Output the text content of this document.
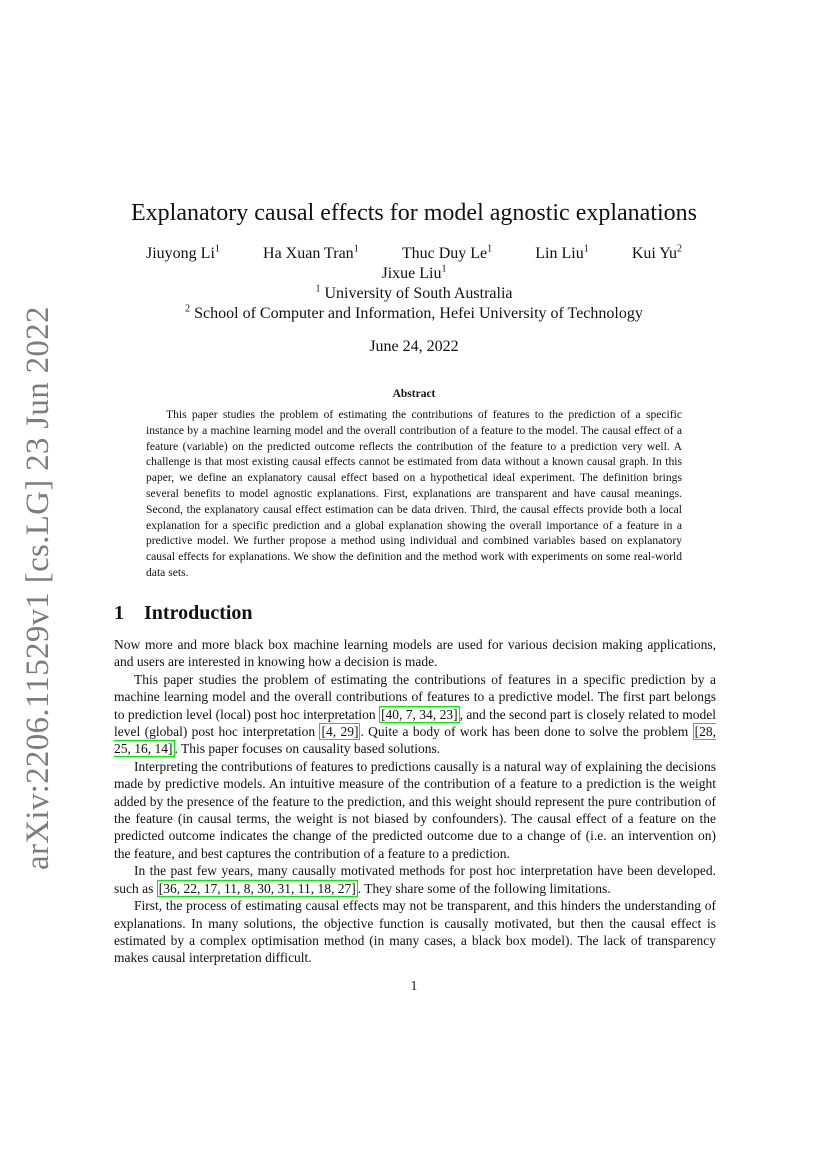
arXiv:2206.11529v1 [cs.LG] 23 Jun 2022
Explanatory causal effects for model agnostic explanations
Jiuyong Li$^1$	Ha Xuan Tran$^1$	Thuc Duy Le$^1$	Lin Liu$^1$	Kui Yu$^2$
Jixue Liu$^1$
$^1$ University of South Australia
$^2$ School of Computer and Information, Hefei University of Technology
June 24, 2022
Abstract
This paper studies the problem of estimating the contributions of features to the prediction of a specific instance by a machine learning model and the overall contribution of a feature to the model. The causal effect of a feature (variable) on the predicted outcome reflects the contribution of the feature to a prediction very well. A challenge is that most existing causal effects cannot be estimated from data without a known causal graph. In this paper, we define an explanatory causal effect based on a hypothetical ideal experiment. The definition brings several benefits to model agnostic explanations. First, explanations are transparent and have causal meanings. Second, the explanatory causal effect estimation can be data driven. Third, the causal effects provide both a local explanation for a specific prediction and a global explanation showing the overall importance of a feature in a predictive model. We further propose a method using individual and combined variables based on explanatory causal effects for explanations. We show the definition and the method work with experiments on some real-world data sets.
1 Introduction

Now more and more black box machine learning models are used for various decision making applications, and users are interested in knowing how a decision is made.

This paper studies the problem of estimating the contributions of features in a specific prediction by a machine learning model and the overall contributions of features to a predictive model. The first part belongs to prediction level (local) post hoc interpretation [40, 7, 34, 23] , and the second part is closely related to model level (global) post hoc interpretation [4, 29] . Quite a body of work has been done to solve the problem [28, 25, 16, 14] . This paper focuses on causality based solutions.

Interpreting the contributions of features to predictions causally is a natural way of explaining the decisions made by predictive models. An intuitive measure of the contribution of a feature to a prediction is the weight added by the presence of the feature to the prediction, and this weight should represent the pure contribution of the feature (in causal terms, the weight is not biased by confounders). The causal effect of a feature on the predicted outcome indicates the change of the predicted outcome due to a change of (i.e. an intervention on) the feature, and best captures the contribution of a feature to a prediction.

In the past few years, many causally motivated methods for post hoc interpretation have been developed. such as [36, 22, 17, 11, 8, 30, 31, 11, 18, 27] . They share some of the following limitations.

First, the process of estimating causal effects may not be transparent, and this hinders the understanding of explanations. In many solutions, the objective function is causally motivated, but then the causal effect is estimated by a complex optimisation method (in many cases, a black box model). The lack of transparency makes causal interpretation difficult.

1
